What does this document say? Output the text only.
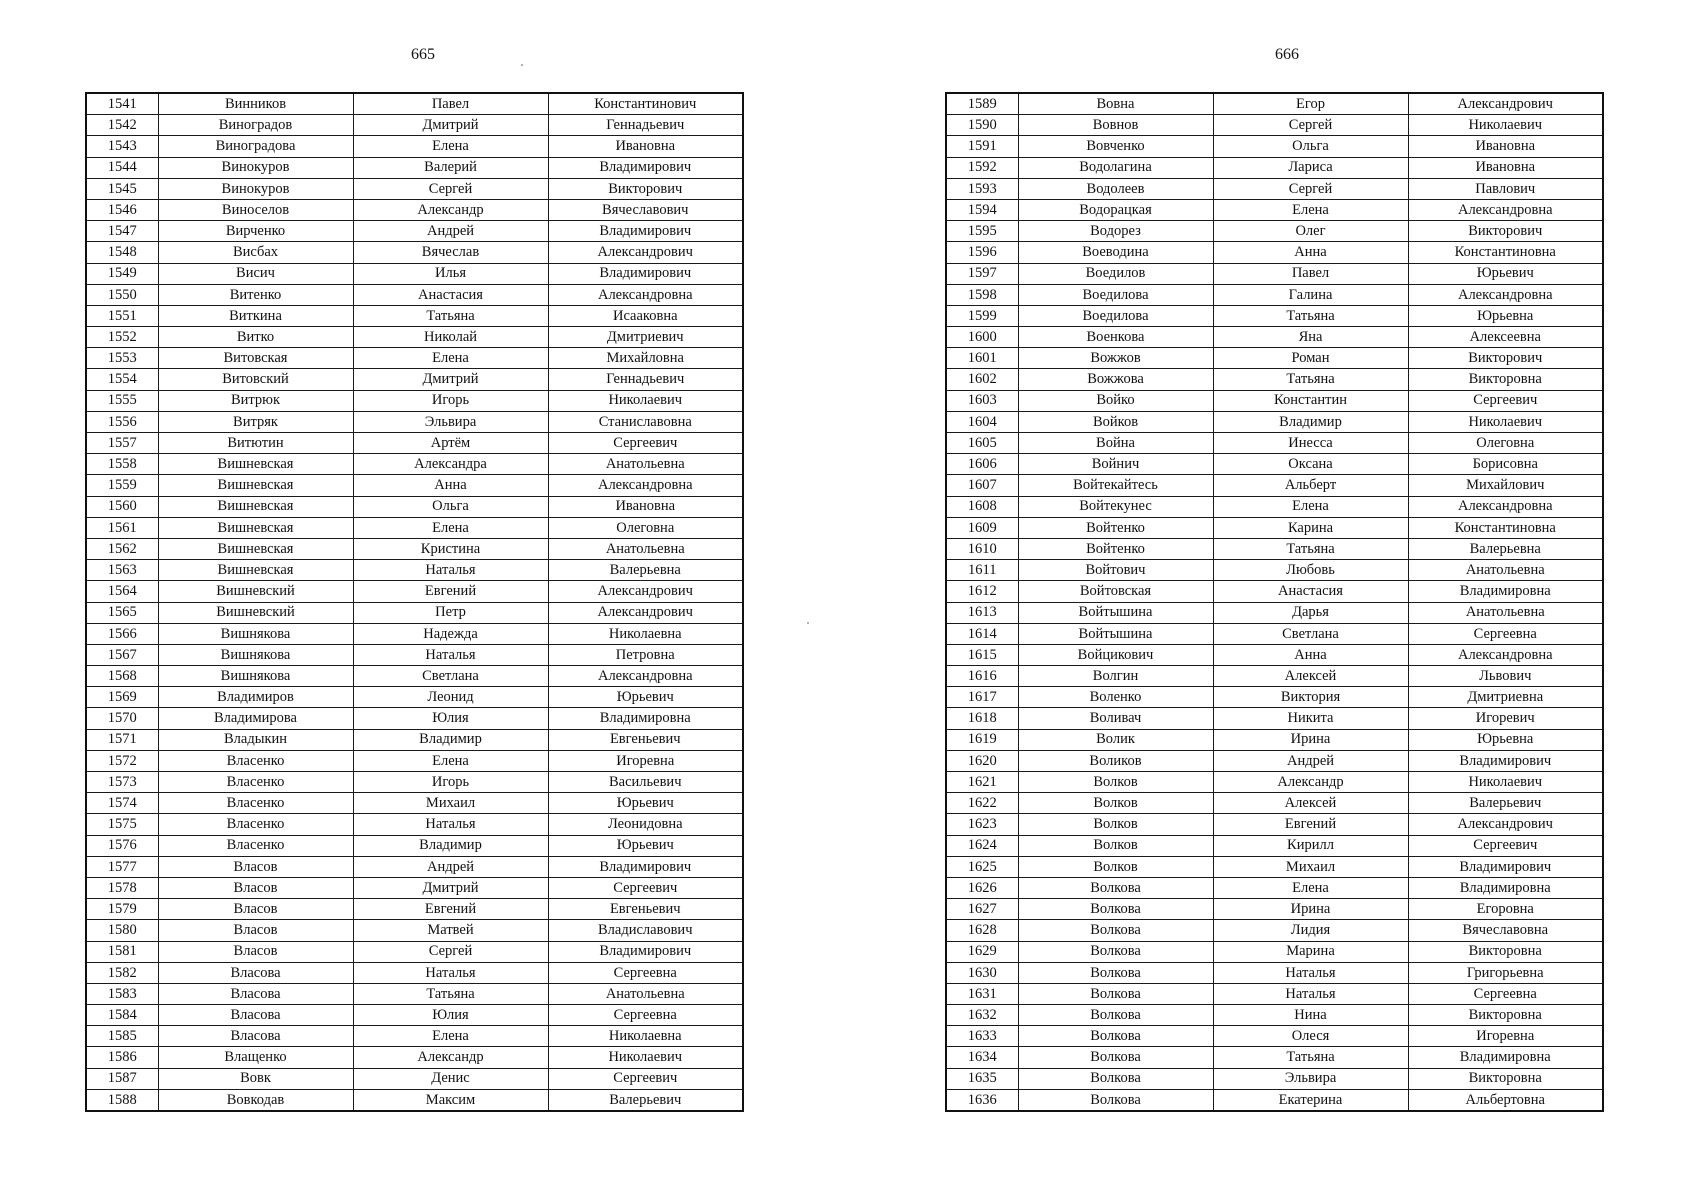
665	666
1541	Винников	Павел	Константинович
1542	Виноградов	Дмитрий	Геннадьевич
1543	Виноградова	Елена	Ивановна
1544	Винокуров	Валерий	Владимирович
1545	Винокуров	Сергей	Викторович
1546	Виноселов	Александр	Вячеславович
1547	Вирченко	Андрей	Владимирович
1548	Висбах	Вячеслав	Александрович
1549	Висич	Илья	Владимирович
1550	Витенко	Анастасия	Александровна
1551	Виткина	Татьяна	Исааковна
1552	Витко	Николай	Дмитриевич
1553	Витовская	Елена	Михайловна
1554	Витовский	Дмитрий	Геннадьевич
1555	Витрюк	Игорь	Николаевич
1556	Витряк	Эльвира	Станиславовна
1557	Витютин	Артём	Сергеевич
1558	Вишневская	Александра	Анатольевна
1559	Вишневская	Анна	Александровна
1560	Вишневская	Ольга	Ивановна
1561	Вишневская	Елена	Олеговна
1562	Вишневская	Кристина	Анатольевна
1563	Вишневская	Наталья	Валерьевна
1564	Вишневский	Евгений	Александрович
1565	Вишневский	Петр	Александрович
1566	Вишнякова	Надежда	Николаевна
1567	Вишнякова	Наталья	Петровна
1568	Вишнякова	Светлана	Александровна
1569	Владимиров	Леонид	Юрьевич
1570	Владимирова	Юлия	Владимировна
1571	Владыкин	Владимир	Евгеньевич
1572	Власенко	Елена	Игоревна
1573	Власенко	Игорь	Васильевич
1574	Власенко	Михаил	Юрьевич
1575	Власенко	Наталья	Леонидовна
1576	Власенко	Владимир	Юрьевич
1577	Власов	Андрей	Владимирович
1578	Власов	Дмитрий	Сергеевич
1579	Власов	Евгений	Евгеньевич
1580	Власов	Матвей	Владиславович
1581	Власов	Сергей	Владимирович
1582	Власова	Наталья	Сергеевна
1583	Власова	Татьяна	Анатольевна
1584	Власова	Юлия	Сергеевна
1585	Власова	Елена	Николаевна
1586	Влащенко	Александр	Николаевич
1587	Вовк	Денис	Сергеевич
1588	Вовкодав	Максим	Валерьевич
1589	Вовна	Егор	Александрович
1590	Вовнов	Сергей	Николаевич
1591	Вовченко	Ольга	Ивановна
1592	Водолагина	Лариса	Ивановна
1593	Водолеев	Сергей	Павлович
1594	Водорацкая	Елена	Александровна
1595	Водорез	Олег	Викторович
1596	Воеводина	Анна	Константиновна
1597	Воедилов	Павел	Юрьевич
1598	Воедилова	Галина	Александровна
1599	Воедилова	Татьяна	Юрьевна
1600	Военкова	Яна	Алексеевна
1601	Вожжов	Роман	Викторович
1602	Вожжова	Татьяна	Викторовна
1603	Войко	Константин	Сергеевич
1604	Войков	Владимир	Николаевич
1605	Война	Инесса	Олеговна
1606	Войнич	Оксана	Борисовна
1607	Войтекайтесь	Альберт	Михайлович
1608	Войтекунес	Елена	Александровна
1609	Войтенко	Карина	Константиновна
1610	Войтенко	Татьяна	Валерьевна
1611	Войтович	Любовь	Анатольевна
1612	Войтовская	Анастасия	Владимировна
1613	Войтышина	Дарья	Анатольевна
1614	Войтышина	Светлана	Сергеевна
1615	Войцикович	Анна	Александровна
1616	Волгин	Алексей	Львович
1617	Воленко	Виктория	Дмитриевна
1618	Воливач	Никита	Игоревич
1619	Волик	Ирина	Юрьевна
1620	Воликов	Андрей	Владимирович
1621	Волков	Александр	Николаевич
1622	Волков	Алексей	Валерьевич
1623	Волков	Евгений	Александрович
1624	Волков	Кирилл	Сергеевич
1625	Волков	Михаил	Владимирович
1626	Волкова	Елена	Владимировна
1627	Волкова	Ирина	Егоровна
1628	Волкова	Лидия	Вячеславовна
1629	Волкова	Марина	Викторовна
1630	Волкова	Наталья	Григорьевна
1631	Волкова	Наталья	Сергеевна
1632	Волкова	Нина	Викторовна
1633	Волкова	Олеся	Игоревна
1634	Волкова	Татьяна	Владимировна
1635	Волкова	Эльвира	Викторовна
1636	Волкова	Екатерина	Альбертовна
